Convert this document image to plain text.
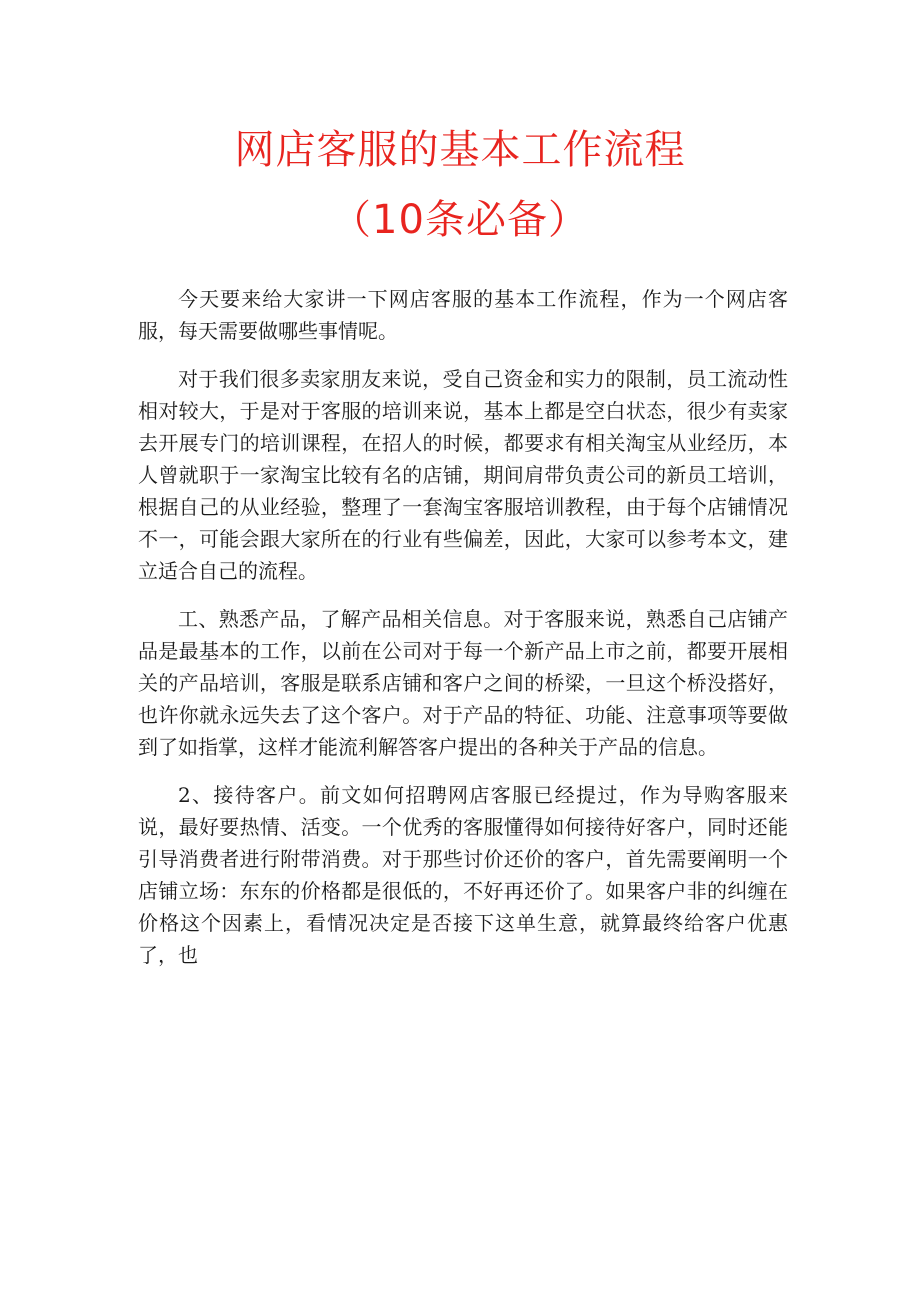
网店客服的基本工作流程
（10条必备）

今天要来给大家讲一下网店客服的基本工作流程，作为一个网店客服，每天需要做哪些事情呢。

对于我们很多卖家朋友来说，受自己资金和实力的限制，员工流动性相对较大，于是对于客服的培训来说，基本上都是空白状态，很少有卖家去开展专门的培训课程，在招人的时候，都要求有相关淘宝从业经历，本人曾就职于一家淘宝比较有名的店铺，期间肩带负责公司的新员工培训，根据自己的从业经验，整理了一套淘宝客服培训教程，由于每个店铺情况不一，可能会跟大家所在的行业有些偏差，因此，大家可以参考本文，建立适合自己的流程。

工、熟悉产品，了解产品相关信息。对于客服来说，熟悉自己店铺产品是最基本的工作，以前在公司对于每一个新产品上市之前，都要开展相关的产品培训，客服是联系店铺和客户之间的桥梁，一旦这个桥没搭好，也许你就永远失去了这个客户。对于产品的特征、功能、注意事项等要做到了如指掌，这样才能流利解答客户提出的各种关于产品的信息。

2、接待客户。前文如何招聘网店客服已经提过，作为导购客服来说，最好要热情、活变。一个优秀的客服懂得如何接待好客户，同时还能引导消费者进行附带消费。对于那些讨价还价的客户，首先需要阐明一个店铺立场：东东的价格都是很低的，不好再还价了。如果客户非的纠缠在价格这个因素上，看情况决定是否接下这单生意，就算最终给客户优惠了，也
